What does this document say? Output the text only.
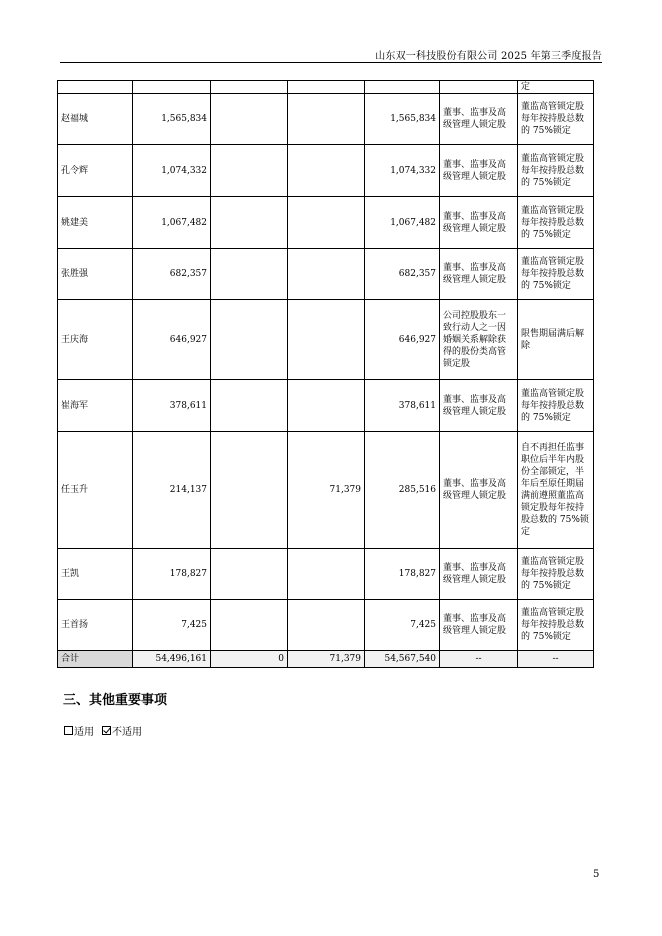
山东双一科技股份有限公司 2025 年第三季度报告
						定
赵福城	1,565,834			1,565,834	董事、监事及高级管理人锁定股	董监高管锁定股每年按持股总数的 75%锁定
孔令辉	1,074,332			1,074,332	董事、监事及高级管理人锁定股	董监高管锁定股每年按持股总数的 75%锁定
姚建美	1,067,482			1,067,482	董事、监事及高级管理人锁定股	董监高管锁定股每年按持股总数的 75%锁定
张胜强	682,357			682,357	董事、监事及高级管理人锁定股	董监高管锁定股每年按持股总数的 75%锁定
王庆海	646,927			646,927	公司控股股东一致行动人之一因婚姻关系解除获得的股份类高管锁定股	限售期届满后解除
崔海军	378,611			378,611	董事、监事及高级管理人锁定股	董监高管锁定股每年按持股总数的 75%锁定
任玉升	214,137		71,379	285,516	董事、监事及高级管理人锁定股	自不再担任监事职位后半年内股份全部锁定，半年后至原任期届满前遵照董监高锁定股每年按持股总数的 75%锁定
王凯	178,827			178,827	董事、监事及高级管理人锁定股	董监高管锁定股每年按持股总数的 75%锁定
王首扬	7,425			7,425	董事、监事及高级管理人锁定股	董监高管锁定股每年按持股总数的 75%锁定
合计	54,496,161	0	71,379	54,567,540	--	--
三、其他重要事项
适用 不适用
5
